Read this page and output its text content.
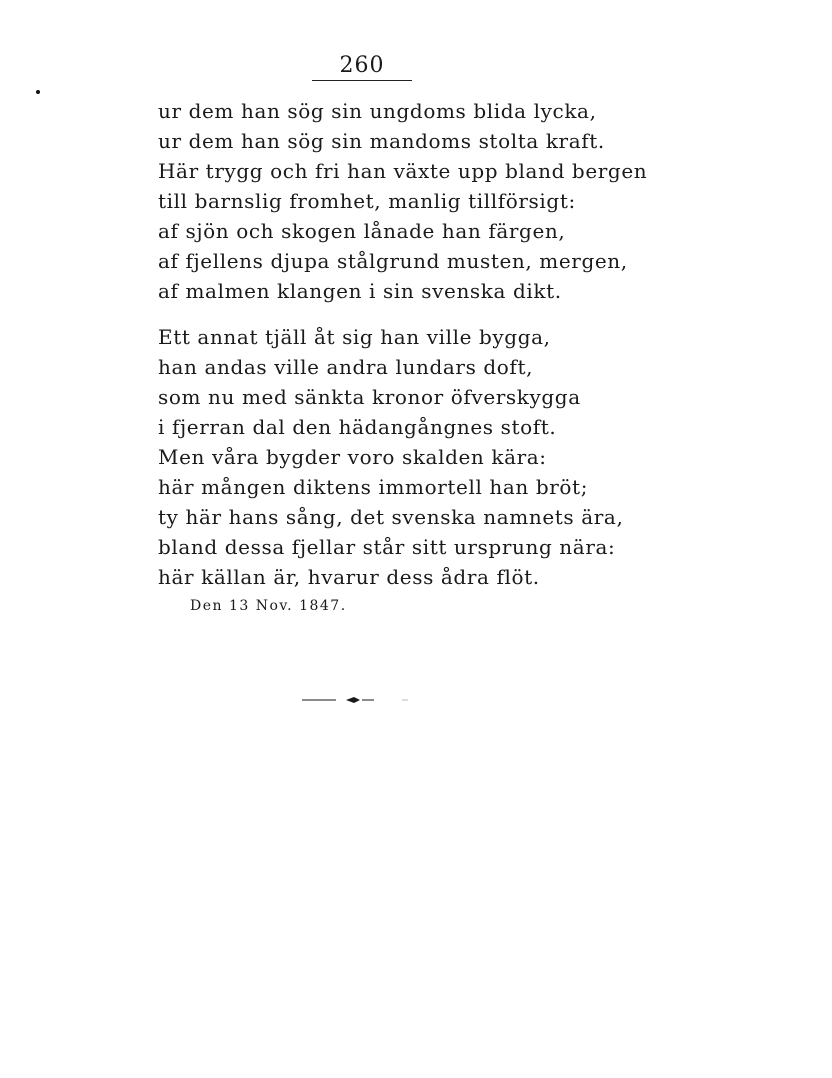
260
ur dem han sög sin ungdoms blida lycka,
ur dem han sög sin mandoms stolta kraft.
Här trygg och fri han växte upp bland bergen
till barnslig fromhet, manlig tillförsigt:
af sjön och skogen lånade han färgen,
af fjellens djupa stålgrund musten, mergen,
af malmen klangen i sin svenska dikt.
Ett annat tjäll åt sig han ville bygga,
han andas ville andra lundars doft,
som nu med sänkta kronor öfverskygga
i fjerran dal den hädangångnes stoft.
Men våra bygder voro skalden kära:
här mången diktens immortell han bröt;
ty här hans sång, det svenska namnets ära,
bland dessa fjellar står sitt ursprung nära:
här källan är, hvarur dess ådra flöt.
Den 13 Nov. 1847.
